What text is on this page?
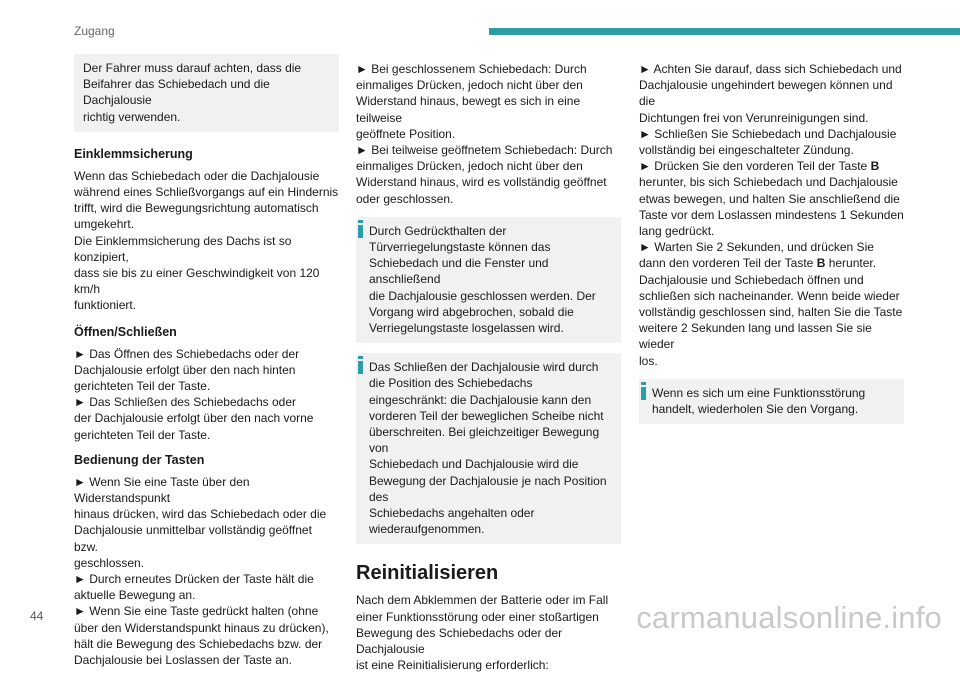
Zugang

Der Fahrer muss darauf achten, dass die
Beifahrer das Schiebedach und die Dachjalousie
richtig verwenden.

Einklemmsicherung

Wenn das Schiebedach oder die Dachjalousie
während eines Schließvorgangs auf ein Hindernis
trifft, wird die Bewegungsrichtung automatisch
umgekehrt.
Die Einklemmsicherung des Dachs ist so konzipiert,
dass sie bis zu einer Geschwindigkeit von 120 km/h
funktioniert.

Öffnen/Schließen

► Das Öffnen des Schiebedachs oder der
Dachjalousie erfolgt über den nach hinten
gerichteten Teil der Taste.
► Das Schließen des Schiebedachs oder
der Dachjalousie erfolgt über den nach vorne
gerichteten Teil der Taste.

Bedienung der Tasten

► Wenn Sie eine Taste über den Widerstandspunkt
hinaus drücken, wird das Schiebedach oder die
Dachjalousie unmittelbar vollständig geöffnet bzw.
geschlossen.
► Durch erneutes Drücken der Taste hält die
aktuelle Bewegung an.
► Wenn Sie eine Taste gedrückt halten (ohne
über den Widerstandspunkt hinaus zu drücken),
hält die Bewegung des Schiebedachs bzw. der
Dachjalousie bei Loslassen der Taste an.

► Bei geschlossenem Schiebedach: Durch
einmaliges Drücken, jedoch nicht über den
Widerstand hinaus, bewegt es sich in eine teilweise
geöffnete Position.
► Bei teilweise geöffnetem Schiebedach: Durch
einmaliges Drücken, jedoch nicht über den
Widerstand hinaus, wird es vollständig geöffnet
oder geschlossen.

Durch Gedrückthalten der
Türverriegelungstaste können das
Schiebedach und die Fenster und anschließend
die Dachjalousie geschlossen werden. Der
Vorgang wird abgebrochen, sobald die
Verriegelungstaste losgelassen wird.

Das Schließen der Dachjalousie wird durch
die Position des Schiebedachs
eingeschränkt: die Dachjalousie kann den
vorderen Teil der beweglichen Scheibe nicht
überschreiten. Bei gleichzeitiger Bewegung von
Schiebedach und Dachjalousie wird die
Bewegung der Dachjalousie je nach Position des
Schiebedachs angehalten oder
wiederaufgenommen.

Reinitialisieren

Nach dem Abklemmen der Batterie oder im Fall
einer Funktionsstörung oder einer stoßartigen
Bewegung des Schiebedachs oder der Dachjalousie
ist eine Reinitialisierung erforderlich:

► Achten Sie darauf, dass sich Schiebedach und
Dachjalousie ungehindert bewegen können und die
Dichtungen frei von Verunreinigungen sind.
► Schließen Sie Schiebedach und Dachjalousie
vollständig bei eingeschalteter Zündung.
► Drücken Sie den vorderen Teil der Taste B
herunter, bis sich Schiebedach und Dachjalousie
etwas bewegen, und halten Sie anschließend die
Taste vor dem Loslassen mindestens 1 Sekunden
lang gedrückt.
► Warten Sie 2 Sekunden, und drücken Sie
dann den vorderen Teil der Taste B herunter.
Dachjalousie und Schiebedach öffnen und
schließen sich nacheinander. Wenn beide wieder
vollständig geschlossen sind, halten Sie die Taste
weitere 2 Sekunden lang und lassen Sie sie wieder
los.

Wenn es sich um eine Funktionsstörung
handelt, wiederholen Sie den Vorgang.

44	carmanualsonline.info
